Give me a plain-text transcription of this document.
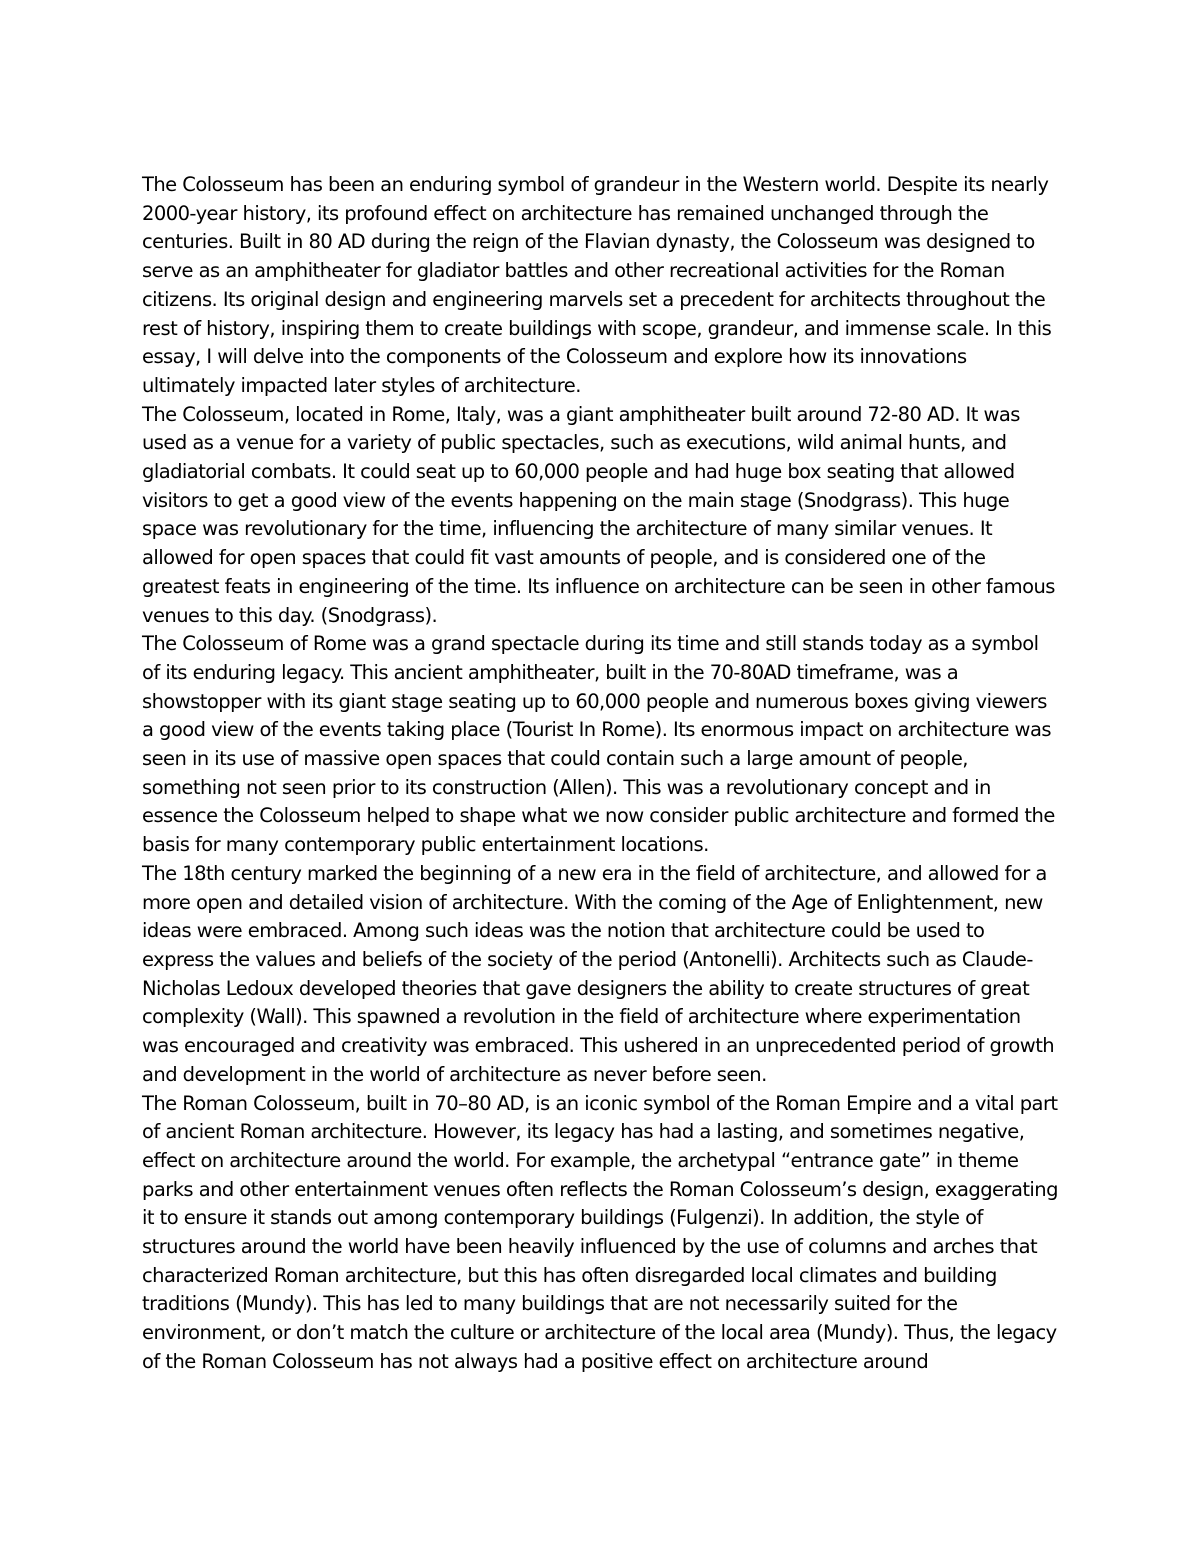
The Colosseum has been an enduring symbol of grandeur in the Western world. Despite its nearly 2000-year history, its profound effect on architecture has remained unchanged through the centuries. Built in 80 AD during the reign of the Flavian dynasty, the Colosseum was designed to serve as an amphitheater for gladiator battles and other recreational activities for the Roman citizens. Its original design and engineering marvels set a precedent for architects throughout the rest of history, inspiring them to create buildings with scope, grandeur, and immense scale. In this essay, I will delve into the components of the Colosseum and explore how its innovations ultimately impacted later styles of architecture.

The Colosseum, located in Rome, Italy, was a giant amphitheater built around 72-80 AD. It was used as a venue for a variety of public spectacles, such as executions, wild animal hunts, and gladiatorial combats. It could seat up to 60,000 people and had huge box seating that allowed visitors to get a good view of the events happening on the main stage (Snodgrass). This huge space was revolutionary for the time, influencing the architecture of many similar venues. It allowed for open spaces that could fit vast amounts of people, and is considered one of the greatest feats in engineering of the time. Its influence on architecture can be seen in other famous venues to this day. (Snodgrass).

The Colosseum of Rome was a grand spectacle during its time and still stands today as a symbol of its enduring legacy. This ancient amphitheater, built in the 70-80AD timeframe, was a showstopper with its giant stage seating up to 60,000 people and numerous boxes giving viewers a good view of the events taking place (Tourist In Rome). Its enormous impact on architecture was seen in its use of massive open spaces that could contain such a large amount of people, something not seen prior to its construction (Allen). This was a revolutionary concept and in essence the Colosseum helped to shape what we now consider public architecture and formed the basis for many contemporary public entertainment locations.

The 18th century marked the beginning of a new era in the field of architecture, and allowed for a more open and detailed vision of architecture. With the coming of the Age of Enlightenment, new ideas were embraced. Among such ideas was the notion that architecture could be used to express the values and beliefs of the society of the period (Antonelli). Architects such as Claude-Nicholas Ledoux developed theories that gave designers the ability to create structures of great complexity (Wall). This spawned a revolution in the field of architecture where experimentation was encouraged and creativity was embraced. This ushered in an unprecedented period of growth and development in the world of architecture as never before seen.

The Roman Colosseum, built in 70–80 AD, is an iconic symbol of the Roman Empire and a vital part of ancient Roman architecture. However, its legacy has had a lasting, and sometimes negative, effect on architecture around the world. For example, the archetypal “entrance gate” in theme parks and other entertainment venues often reflects the Roman Colosseum’s design, exaggerating it to ensure it stands out among contemporary buildings (Fulgenzi). In addition, the style of structures around the world have been heavily influenced by the use of columns and arches that characterized Roman architecture, but this has often disregarded local climates and building traditions (Mundy). This has led to many buildings that are not necessarily suited for the environment, or don’t match the culture or architecture of the local area (Mundy). Thus, the legacy of the Roman Colosseum has not always had a positive effect on architecture around
